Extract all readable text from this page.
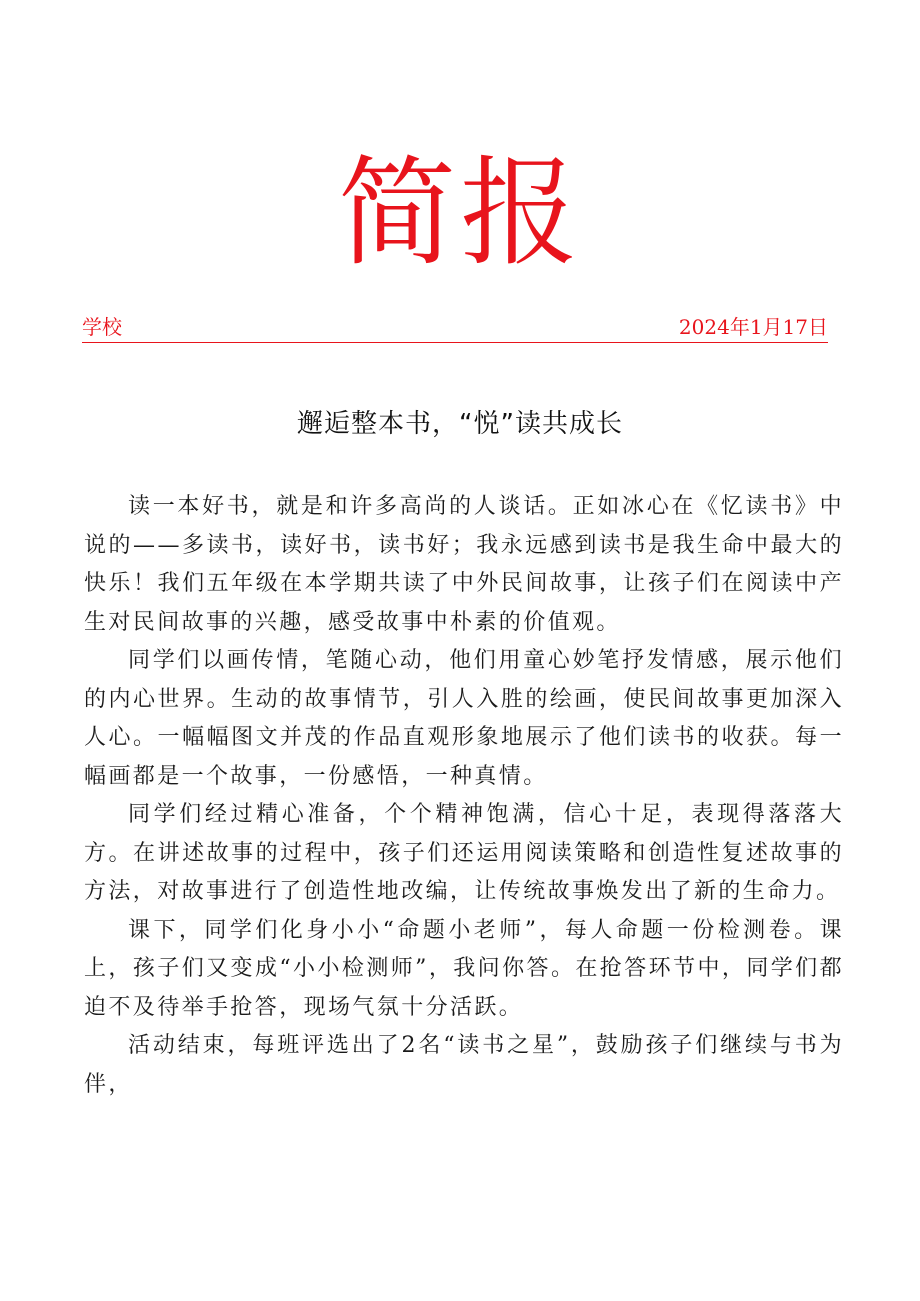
简报
学校	2024年1月17日
邂逅整本书，“悦”读共成长

读一本好书，就是和许多高尚的人谈话。正如冰心在《忆读书》中说的——多读书，读好书，读书好；我永远感到读书是我生命中最大的快乐！我们五年级在本学期共读了中外民间故事，让孩子们在阅读中产生对民间故事的兴趣，感受故事中朴素的价值观。

同学们以画传情，笔随心动，他们用童心妙笔抒发情感，展示他们的内心世界。生动的故事情节，引人入胜的绘画，使民间故事更加深入人心。一幅幅图文并茂的作品直观形象地展示了他们读书的收获。每一幅画都是一个故事，一份感悟，一种真情。

同学们经过精心准备，个个精神饱满，信心十足，表现得落落大方。在讲述故事的过程中，孩子们还运用阅读策略和创造性复述故事的方法，对故事进行了创造性地改编，让传统故事焕发出了新的生命力。

课下，同学们化身小小“命题小老师”，每人命题一份检测卷。课上，孩子们又变成“小小检测师”，我问你答。在抢答环节中，同学们都迫不及待举手抢答，现场气氛十分活跃。

活动结束，每班评选出了2名“读书之星”，鼓励孩子们继续与书为伴，
